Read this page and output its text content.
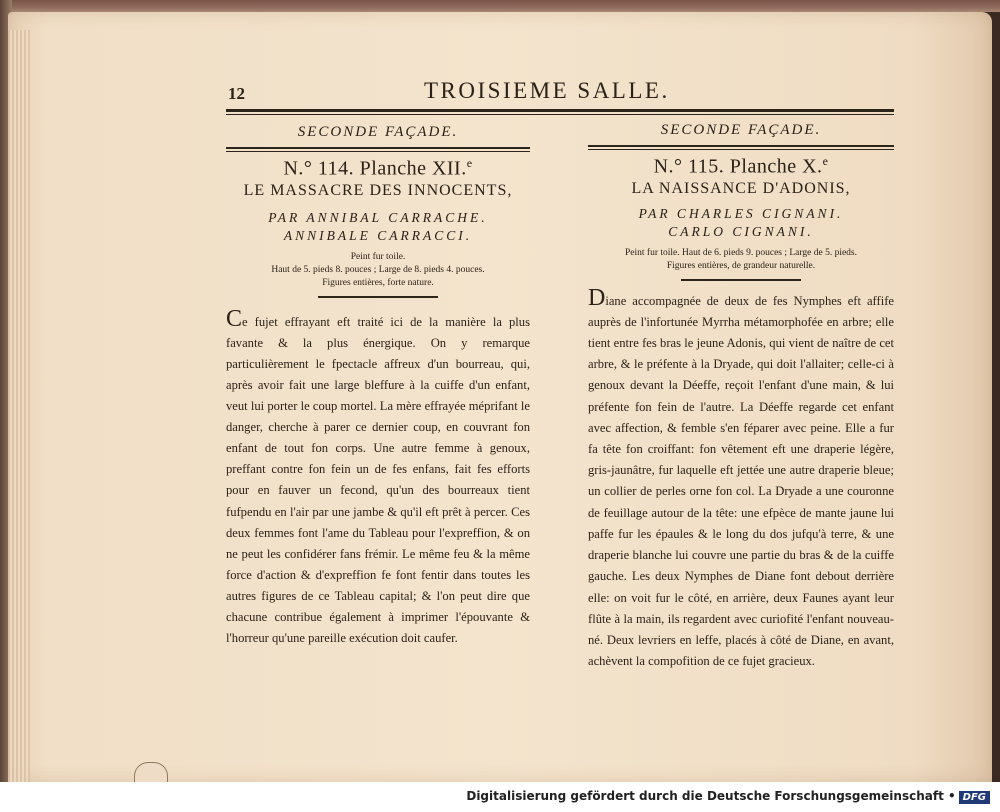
12	TROISIEME SALLE.
SECONDE FAÇADE.
N.° 114. Planche XII.$^e$
LE MASSACRE DES INNOCENTS,
PAR ANNIBAL CARRACHE.
ANNIBALE CARRACCI.
Peint fur toile.
Haut de 5. pieds 8. pouces ; Large de 8. pieds 4. pouces.
Figures entières, forte nature.
Ce fujet effrayant eft traité ici de la manière la plus favante & la plus énergique. On y remarque particulièrement le fpectacle affreux d'un bourreau, qui, après avoir fait une large bleffure à la cuiffe d'un enfant, veut lui porter le coup mortel. La mère effrayée méprifant le danger, cherche à parer ce dernier coup, en couvrant fon enfant de tout fon corps. Une autre femme à genoux, preffant contre fon fein un de fes enfans, fait fes efforts pour en fauver un fecond, qu'un des bourreaux tient fufpendu en l'air par une jambe & qu'il eft prêt à percer. Ces deux femmes font l'ame du Tableau pour l'expreffion, & on ne peut les confidérer fans frémir. Le même feu & la même force d'action & d'expreffion fe font fentir dans toutes les autres figures de ce Tableau capital; & l'on peut dire que chacune contribue également à imprimer l'épouvante & l'horreur qu'une pareille exécution doit caufer.
SECONDE FAÇADE.
N.° 115. Planche X.$^e$
LA NAISSANCE D'ADONIS,
PAR CHARLES CIGNANI.
CARLO CIGNANI.
Peint fur toile. Haut de 6. pieds 9. pouces ; Large de 5. pieds.
Figures entières, de grandeur naturelle.
Diane accompagnée de deux de fes Nymphes eft affife auprès de l'infortunée Myrrha métamorphofée en arbre; elle tient entre fes bras le jeune Adonis, qui vient de naître de cet arbre, & le préfente à la Dryade, qui doit l'allaiter; celle-ci à genoux devant la Déeffe, reçoit l'enfant d'une main, & lui préfente fon fein de l'autre. La Déeffe regarde cet enfant avec affection, & femble s'en féparer avec peine. Elle a fur fa tête fon croiffant: fon vêtement eft une draperie légère, gris-jaunâtre, fur laquelle eft jettée une autre draperie bleue; un collier de perles orne fon col. La Dryade a une couronne de feuillage autour de la tête: une efpèce de mante jaune lui paffe fur les épaules & le long du dos jufqu'à terre, & une draperie blanche lui couvre une partie du bras & de la cuiffe gauche. Les deux Nymphes de Diane font debout derrière elle: on voit fur le côté, en arrière, deux Faunes ayant leur flûte à la main, ils regardent avec curiofité l'enfant nouveau-né. Deux levriers en leffe, placés à côté de Diane, en avant, achèvent la compofition de ce fujet gracieux.
Digitalisierung gefördert durch die Deutsche Forschungsgemeinschaft • DFG
